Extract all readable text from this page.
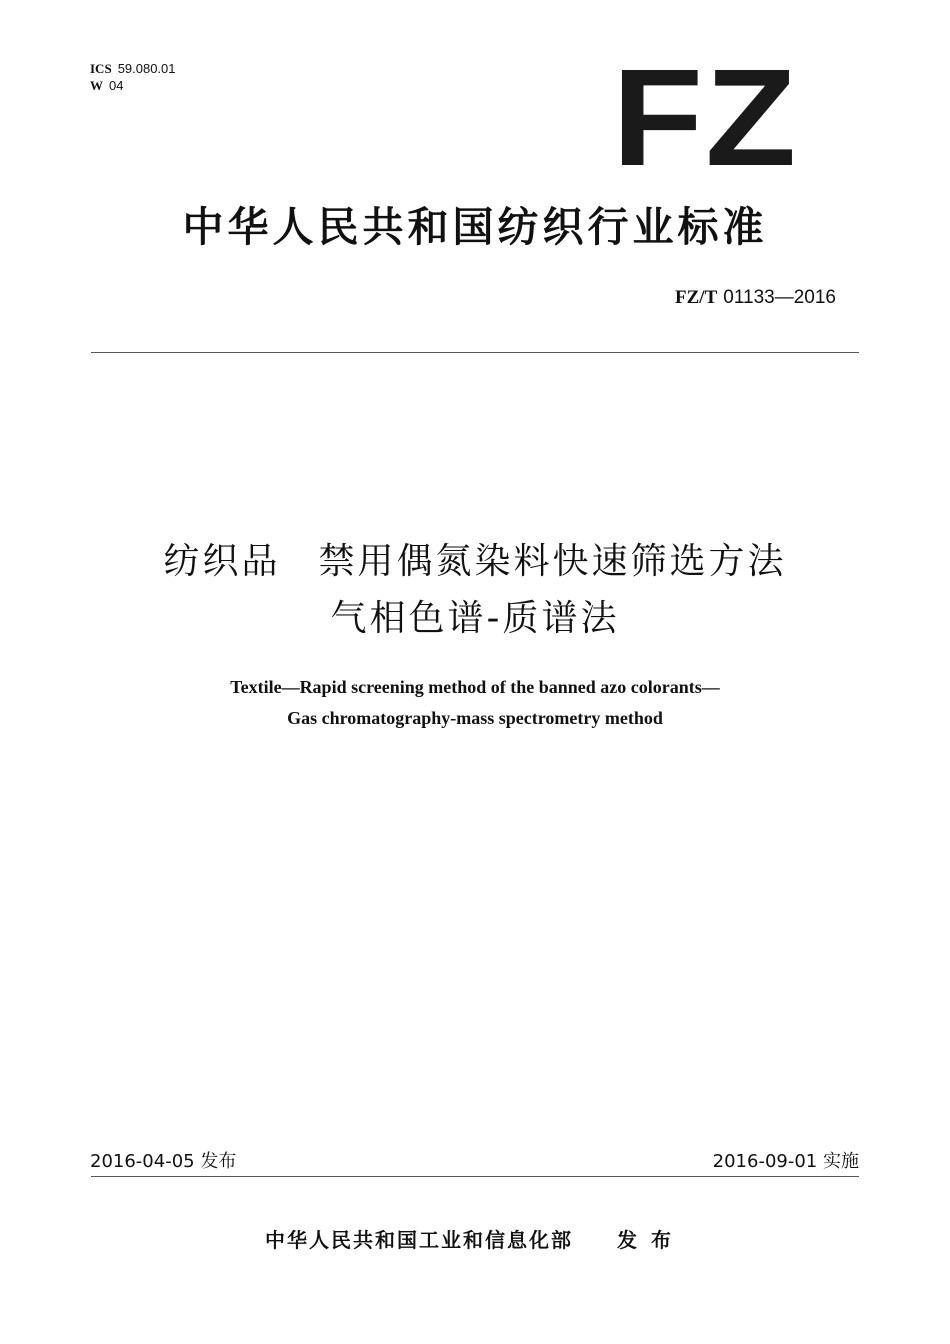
ICS 59.080.01
W 04	FZ
中华人民共和国纺织行业标准
FZ/T 01133—2016
纺织品 禁用偶氮染料快速筛选方法
气相色谱-质谱法
Textile—Rapid screening method of the banned azo colorants—
Gas chromatography-mass spectrometry method
2016-04-05 发布	2016-09-01 实施
中华人民共和国工业和信息化部 发布
